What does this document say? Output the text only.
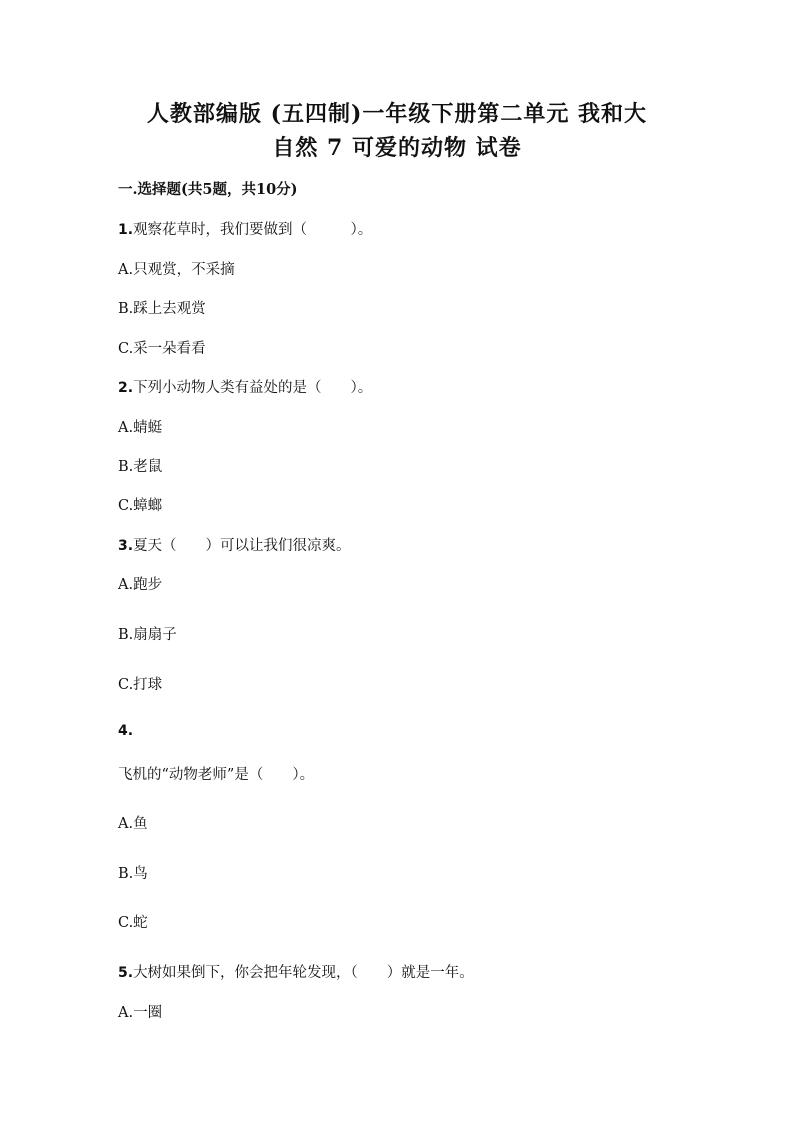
人教部编版 (五四制)一年级下册第二单元 我和大
自然 7 可爱的动物 试卷

一.选择题(共5题，共10分)

1.观察花草时，我们要做到（　　　）。

A.只观赏，不采摘

B.踩上去观赏

C.采一朵看看

2.下列小动物人类有益处的是（　　）。

A.蜻蜓

B.老鼠

C.蟑螂

3.夏天（　　）可以让我们很凉爽。

A.跑步

B.扇扇子

C.打球

4.

飞机的“动物老师”是（　　）。

A.鱼

B.鸟

C.蛇

5.大树如果倒下，你会把年轮发现，（　　）就是一年。

A.一圈
